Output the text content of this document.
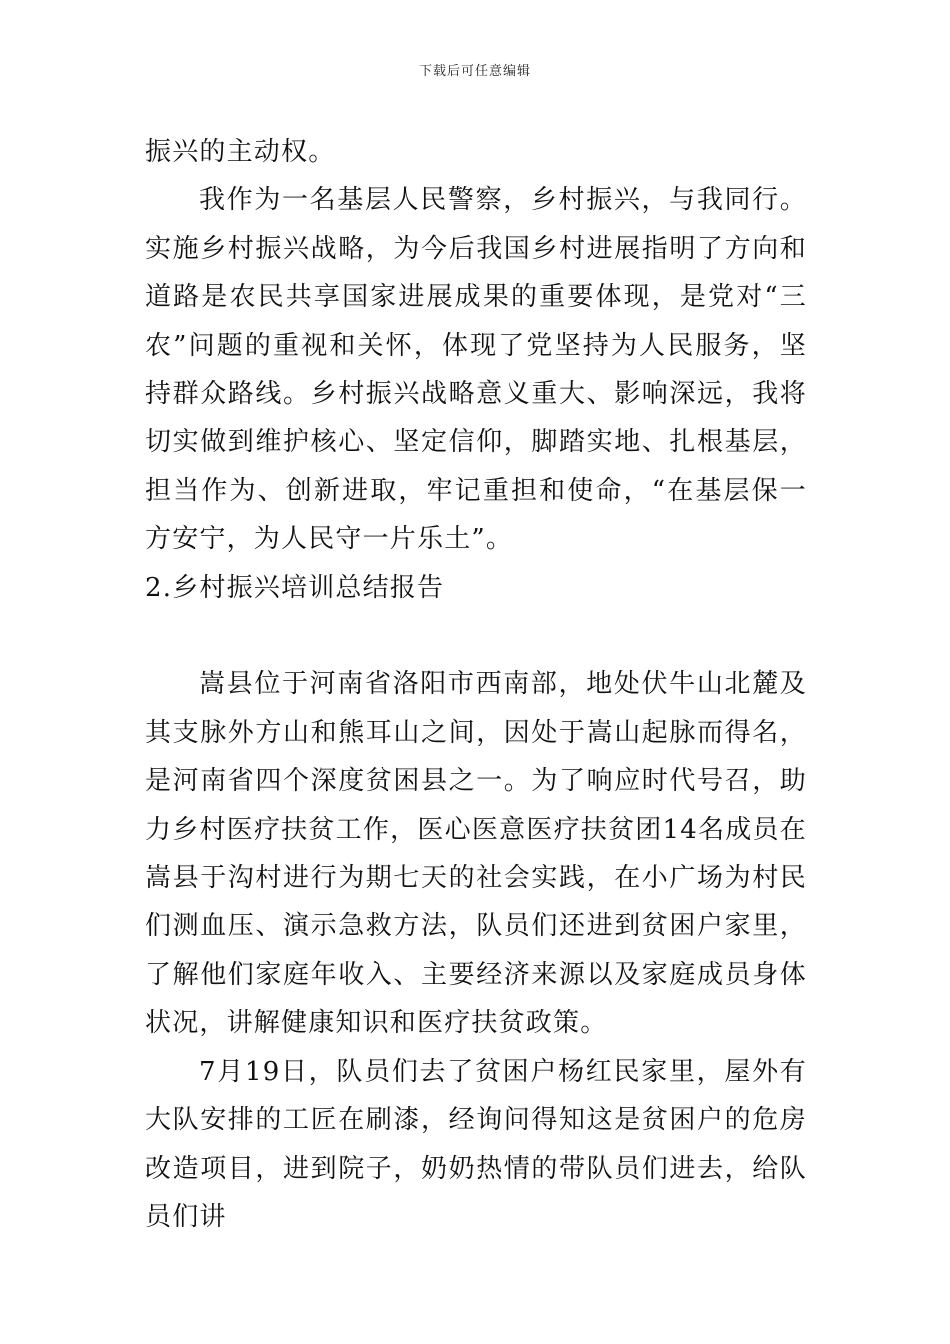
下载后可任意编辑

振兴的主动权。

我作为一名基层人民警察，乡村振兴，与我同行。实施乡村振兴战略，为今后我国乡村进展指明了方向和道路是农民共享国家进展成果的重要体现，是党对“三农”问题的重视和关怀，体现了党坚持为人民服务，坚持群众路线。乡村振兴战略意义重大、影响深远，我将切实做到维护核心、坚定信仰，脚踏实地、扎根基层，担当作为、创新进取，牢记重担和使命，“在基层保一方安宁，为人民守一片乐土”。

2.乡村振兴培训总结报告

嵩县位于河南省洛阳市西南部，地处伏牛山北麓及其支脉外方山和熊耳山之间，因处于嵩山起脉而得名，是河南省四个深度贫困县之一。为了响应时代号召，助力乡村医疗扶贫工作，医心医意医疗扶贫团14名成员在嵩县于沟村进行为期七天的社会实践，在小广场为村民们测血压、演示急救方法，队员们还进到贫困户家里，了解他们家庭年收入、主要经济来源以及家庭成员身体状况，讲解健康知识和医疗扶贫政策。

7月19日，队员们去了贫困户杨红民家里，屋外有大队安排的工匠在刷漆，经询问得知这是贫困户的危房改造项目，进到院子，奶奶热情的带队员们进去，给队员们讲
